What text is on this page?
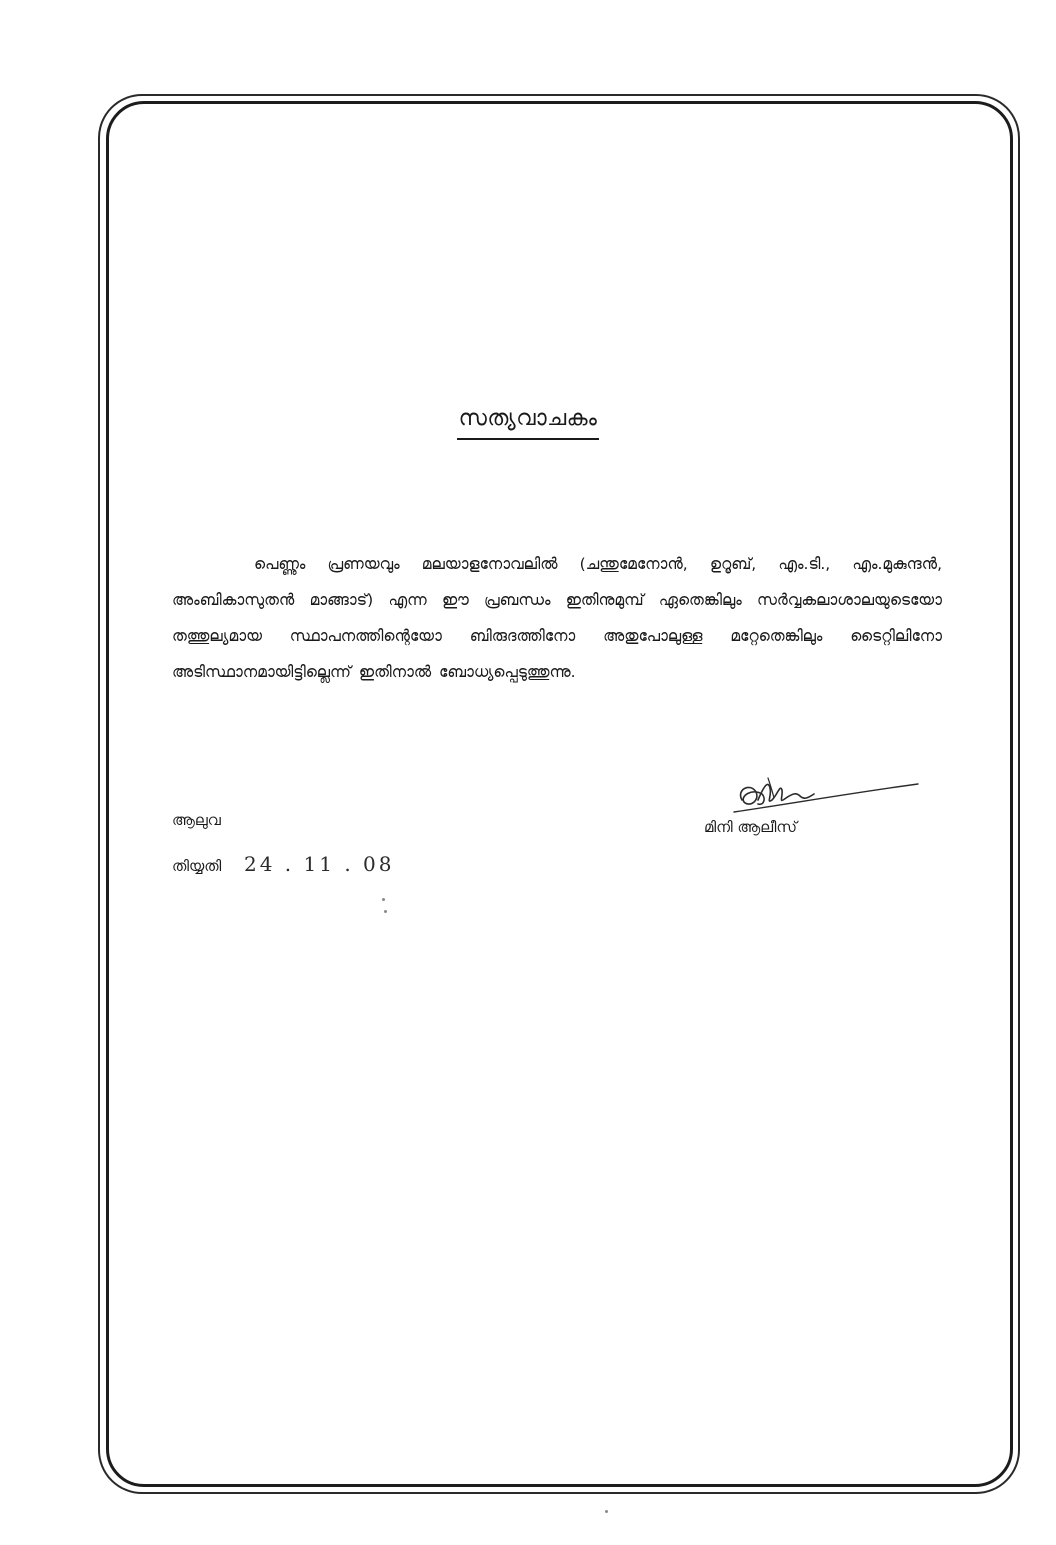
സത്യവാചകം
പെണ്ണും പ്രണയവും മലയാളനോവലിൽ (ചന്തുമേനോൻ, ഉറൂബ്, എം.ടി., എം.മുകുന്ദൻ, അംബികാസുതൻ മാങ്ങാട്) എന്ന ഈ പ്രബന്ധം ഇതിനുമുമ്പ് ഏതെങ്കിലും സർവ്വകലാശാലയുടെയോ തത്തുല്യമായ സ്ഥാപനത്തിന്റെയോ ബിരുദത്തിനോ അതുപോലുള്ള മറ്റേതെങ്കിലും ടൈറ്റിലിനോ അടിസ്ഥാനമായിട്ടില്ലെന്ന് ഇതിനാൽ ബോധ്യപ്പെടുത്തുന്നു.
ആലുവ
തിയ്യതി 24 . 11 . 08
മിനി ആലീസ്
